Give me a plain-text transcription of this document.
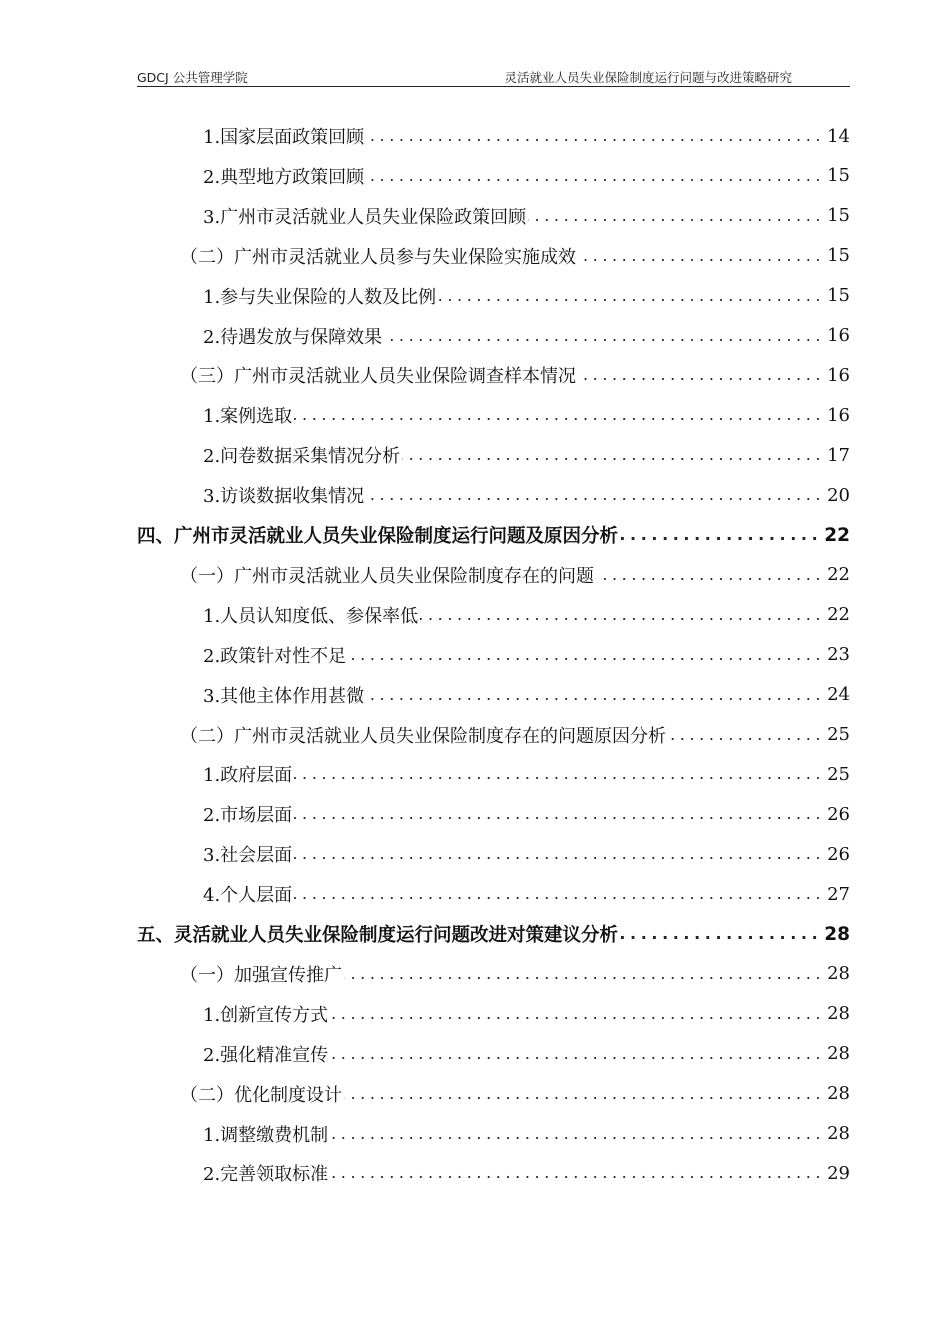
GDCJ 公共管理学院	灵活就业人员失业保险制度运行问题与改进策略研究
1.国家层面政策回顾 .....	14
2.典型地方政策回顾 .....	15
3.广州市灵活就业人员失业保险政策回顾 .....	15
（二）广州市灵活就业人员参与失业保险实施成效 .....	15
1.参与失业保险的人数及比例 .....	15
2.待遇发放与保障效果 .....	16
（三）广州市灵活就业人员失业保险调查样本情况 .....	16
1.案例选取 .....	16
2.问卷数据采集情况分析 .....	17
3.访谈数据收集情况 .....	20
四、广州市灵活就业人员失业保险制度运行问题及原因分析 .....	22
（一）广州市灵活就业人员失业保险制度存在的问题 .....	22
1.人员认知度低、参保率低 .....	22
2.政策针对性不足 .....	23
3.其他主体作用甚微 .....	24
（二）广州市灵活就业人员失业保险制度存在的问题原因分析 .....	25
1.政府层面 .....	25
2.市场层面 .....	26
3.社会层面 .....	26
4.个人层面 .....	27
五、灵活就业人员失业保险制度运行问题改进对策建议分析 .....	28
（一）加强宣传推广 .....	28
1.创新宣传方式 .....	28
2.强化精准宣传 .....	28
（二）优化制度设计 .....	28
1.调整缴费机制 .....	28
2.完善领取标准 .....	29
